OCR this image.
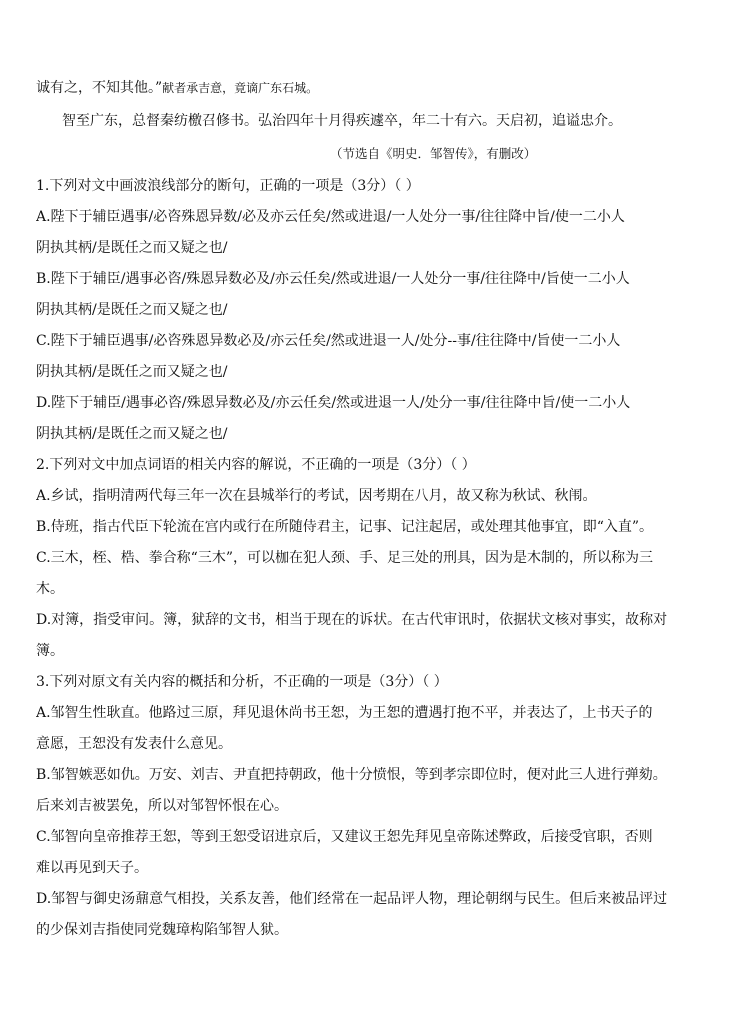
诚有之，不知其他。”献者承吉意，竟谪广东石城。
智至广东，总督秦纺檄召修书。弘治四年十月得疾遽卒，年二十有六。天启初，追谥忠介。
（节选自《明史．邹智传》，有删改）
1.下列对文中画波浪线部分的断句，正确的一项是（3分）（ ）
A.陛下于辅臣遇事/必咨殊恩异数/必及亦云任矣/然或进退/一人处分一事/往往降中旨/使一二小人
阴执其柄/是既任之而又疑之也/
B.陛下于辅臣/遇事必咨/殊恩异数必及/亦云任矣/然或进退/一人处分一事/往往降中/旨使一二小人
阴执其柄/是既任之而又疑之也/
C.陛下于辅臣遇事/必咨殊恩异数必及/亦云任矣/然或进退一人/处分--事/往往降中/旨使一二小人
阴执其柄/是既任之而又疑之也/
D.陛下于辅臣/遇事必咨/殊恩异数必及/亦云任矣/然或进退一人/处分一事/往往降中旨/使一二小人
阴执其柄/是既任之而又疑之也/
2.下列对文中加点词语的相关内容的解说，不正确的一项是（3分）（ ）
A.乡试，指明清两代每三年一次在县城举行的考试，因考期在八月，故又称为秋试、秋闱。
B.侍班，指古代臣下轮流在宫内或行在所随侍君主，记事、记注起居，或处理其他事宜，即“入直”。
C.三木，桎、梏、拳合称“三木”，可以枷在犯人颈、手、足三处的刑具，因为是木制的，所以称为三
木。
D.对簿，指受审问。簿，狱辞的文书，相当于现在的诉状。在古代审讯时，依据状文核对事实，故称对
簿。
3.下列对原文有关内容的概括和分析，不正确的一项是（3分）（ ）
A.邹智生性耿直。他路过三原，拜见退休尚书王恕，为王恕的遭遇打抱不平，并表达了，上书天子的
意愿，王恕没有发表什么意见。
B.邹智嫉恶如仇。万安、刘吉、尹直把持朝政，他十分愤恨，等到孝宗即位时，便对此三人进行弹劾。
后来刘吉被罢免，所以对邹智怀恨在心。
C.邹智向皇帝推荐王恕，等到王恕受诏进京后，又建议王恕先拜见皇帝陈述弊政，后接受官职，否则
难以再见到天子。
D.邹智与御史汤鼐意气相投，关系友善，他们经常在一起品评人物，理论朝纲与民生。但后来被品评过
的少保刘吉指使同党魏璋构陷邹智人狱。
